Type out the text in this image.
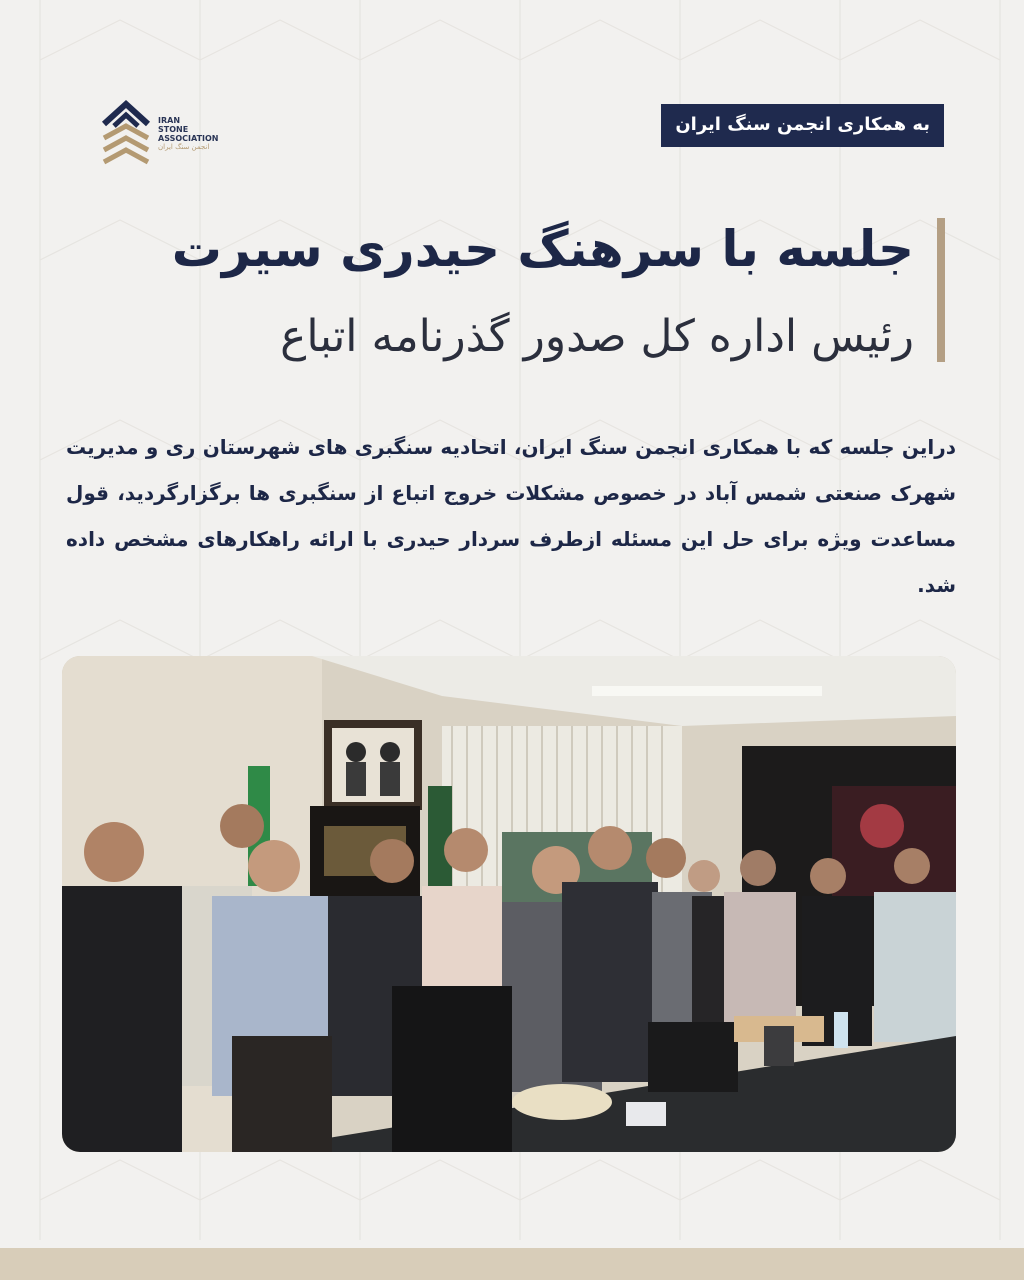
IRAN
STONE
ASSOCIATION
انجمن سنگ ایران
به همکاری انجمن سنگ ایران
جلسه با سرهنگ حیدری سیرت
رئیس اداره کل صدور گذرنامه اتباع
دراین جلسه که با همکاری انجمن سنگ ایران، اتحادیه سنگبری های شهرستان ری و مدیریت شهرک صنعتی شمس آباد در خصوص مشکلات خروج اتباع از سنگبری ها برگزارگردید، قول مساعدت ویژه برای حل این مسئله ازطرف سردار حیدری با ارائه راهکارهای مشخص داده شد.
